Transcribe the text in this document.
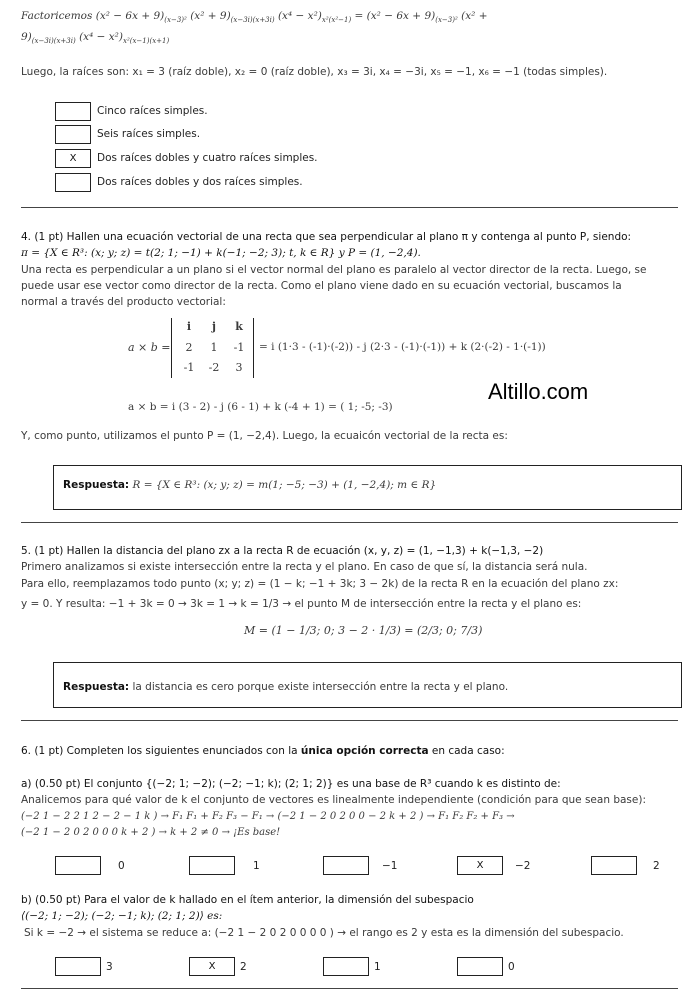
Factoricemos $(x^2 - 6x + 9)_{(x-3)^2}$ $(x^2 + 9)_{(x-3i)(x+3i)}$ $(x^4 - x^2)_{x^2(x^2-1)} = (x^2 - 6x + 9)_{(x-3)^2}$ (x² +
$9)_{(x-3i)(x+3i)}$ $(x^4 - x^2)_{x^2(x-1)(x+1)}$
Luego, la raíces son: x₁ = 3 (raíz doble), x₂ = 0 (raíz doble), x₃ = 3i, x₄ = −3i, x₅ = −1, x₆ = −1 (todas simples).
Cinco raíces simples.
Seis raíces simples.
X	Dos raíces dobles y cuatro raíces simples.
Dos raíces dobles y dos raíces simples.
4. (1 pt) Hallen una ecuación vectorial de una recta que sea perpendicular al plano π y contenga al punto P, siendo:
π = {X ∈ R³: (x; y; z) = t(2; 1; −1) + k(−1; −2; 3); t, k ∈ R} y P = (1, −2,4).
Una recta es perpendicular a un plano si el vector normal del plano es paralelo al vector director de la recta. Luego, se
puede usar ese vector como director de la recta. Como el plano viene dado en su ecuación vectorial, buscamos la
normal a través del producto vectorial:
a × b =
i	j	k
2	1	-1
-1	-2	3
= i (1·3 - (-1)·(-2)) - j (2·3 - (-1)·(-1)) + k (2·(-2) - 1·(-1))
a × b = i (3 - 2) - j (6 - 1) + k (-4 + 1) = ( 1; -5; -3)
Altillo.com
Y, como punto, utilizamos el punto P = (1, −2,4). Luego, la ecuaicón vectorial de la recta es:
Respuesta: R = {X ∈ R³: (x; y; z) = m(1; −5; −3) + (1, −2,4); m ∈ R}
5. (1 pt) Hallen la distancia del plano zx a la recta R de ecuación (x, y, z) = (1, −1,3) + k(−1,3, −2)
Primero analizamos si existe intersección entre la recta y el plano. En caso de que sí, la distancia será nula.
Para ello, reemplazamos todo punto (x; y; z) = (1 − k; −1 + 3k; 3 − 2k) de la recta R en la ecuación del plano zx:
y = 0. Y resulta: −1 + 3k = 0 → 3k = 1 → k = 1/3 → el punto M de intersección entre la recta y el plano es:
M = (1 − 1/3; 0; 3 − 2 · 1/3) = (2/3; 0; 7/3)
Respuesta: la distancia es cero porque existe intersección entre la recta y el plano.
6. (1 pt) Completen los siguientes enunciados con la única opción correcta en cada caso:
a) (0.50 pt) El conjunto {(−2; 1; −2); (−2; −1; k); (2; 1; 2)} es una base de R³ cuando k es distinto de:
Analicemos para qué valor de k el conjunto de vectores es linealmente independiente (condición para que sean base):
(−2 1 − 2 2 1 2 − 2 − 1 k ) → F₁ F₁ + F₂ F₃ − F₁ → (−2 1 − 2 0 2 0 0 − 2 k + 2 ) → F₁ F₂ F₂ + F₃ →
(−2 1 − 2 0 2 0 0 0 k + 2 ) → k + 2 ≠ 0 → ¡Es base!
0	1	−1	X	−2	2
b) (0.50 pt) Para el valor de k hallado en el ítem anterior, la dimensión del subespacio
⟨(−2; 1; −2); (−2; −1; k); (2; 1; 2)⟩ es:
Si k = −2 → el sistema se reduce a: (−2 1 − 2 0 2 0 0 0 0 ) → el rango es 2 y esta es la dimensión del subespacio.
3	X	2	1	0
